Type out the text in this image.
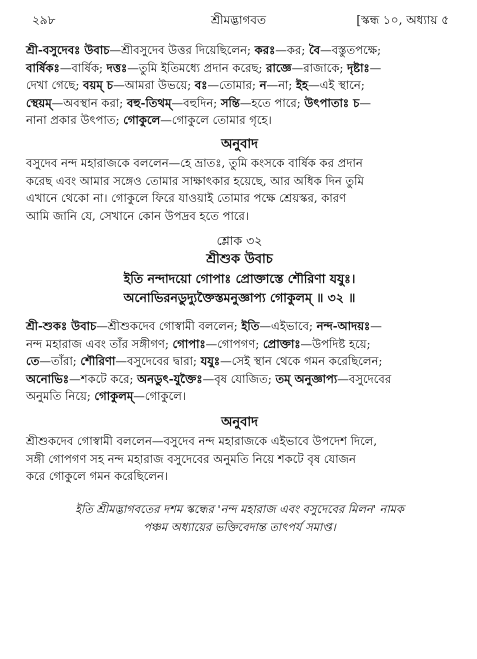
২৯৮	শ্রীমদ্ভাগবত	[স্কন্ধ ১০, অধ্যায় ৫

শ্রী-বসুদেবঃ উবাচ—শ্রীবসুদেব উত্তর দিয়েছিলেন; করঃ—কর; বৈ—বস্তুতপক্ষে;

বার্ষিকঃ—বার্ষিক; দত্তঃ—তুমি ইতিমধ্যে প্রদান করেছ; রাজ্ঞে—রাজাকে; দৃষ্টাঃ—

দেখা গেছে; বয়ম্ চ—আমরা উভয়ে; বঃ—তোমার; ন—না; ইহ—এই স্থানে;

স্থেয়ম্—অবস্থান করা; বহু-তিথম্—বহুদিন; সন্তি—হতে পারে; উৎপাতাঃ চ—

নানা প্রকার উৎপাত; গোকুলে—গোকুলে তোমার গৃহে।

অনুবাদ

বসুদেব নন্দ মহারাজকে বললেন—হে ভ্রাতঃ, তুমি কংসকে বার্ষিক কর প্রদান

করেছ এবং আমার সঙ্গেও তোমার সাক্ষাৎকার হয়েছে, আর অধিক দিন তুমি

এখানে থেকো না। গোকুলে ফিরে যাওয়াই তোমার পক্ষে শ্রেয়স্কর, কারণ

আমি জানি যে, সেখানে কোন উপদ্রব হতে পারে।

শ্লোক ৩২

শ্রীশুক উবাচ

ইতি নন্দাদয়ো গোপাঃ প্রোক্তাস্তে শৌরিণা যযুঃ।

অনোভিরনডুদ্যুক্তৈস্তমনুজ্ঞাপ্য গোকুলম্ ॥ ৩২ ॥

শ্রী-শুকঃ উবাচ—শ্রীশুকদেব গোস্বামী বললেন; ইতি—এইভাবে; নন্দ-আদয়ঃ—

নন্দ মহারাজ এবং তাঁর সঙ্গীগণ; গোপাঃ—গোপগণ; প্রোক্তাঃ—উপদিষ্ট হয়ে;

তে—তাঁরা; শৌরিণা—বসুদেবের দ্বারা; যযুঃ—সেই স্থান থেকে গমন করেছিলেন;

অনোভিঃ—শকটে করে; অনডুৎ-যুক্তৈঃ—বৃষ যোজিত; তম্ অনুজ্ঞাপ্য—বসুদেবের

অনুমতি নিয়ে; গোকুলম্—গোকুলে।

অনুবাদ

শ্রীশুকদেব গোস্বামী বললেন—বসুদেব নন্দ মহারাজকে এইভাবে উপদেশ দিলে,

সঙ্গী গোপগণ সহ নন্দ মহারাজ বসুদেবের অনুমতি নিয়ে শকটে বৃষ যোজন

করে গোকুলে গমন করেছিলেন।

ইতি শ্রীমদ্ভাগবতের দশম স্কন্ধের 'নন্দ মহারাজ এবং বসুদেবের মিলন' নামক

পঞ্চম অধ্যায়ের ভক্তিবেদান্ত তাৎপর্য সমাপ্ত।
